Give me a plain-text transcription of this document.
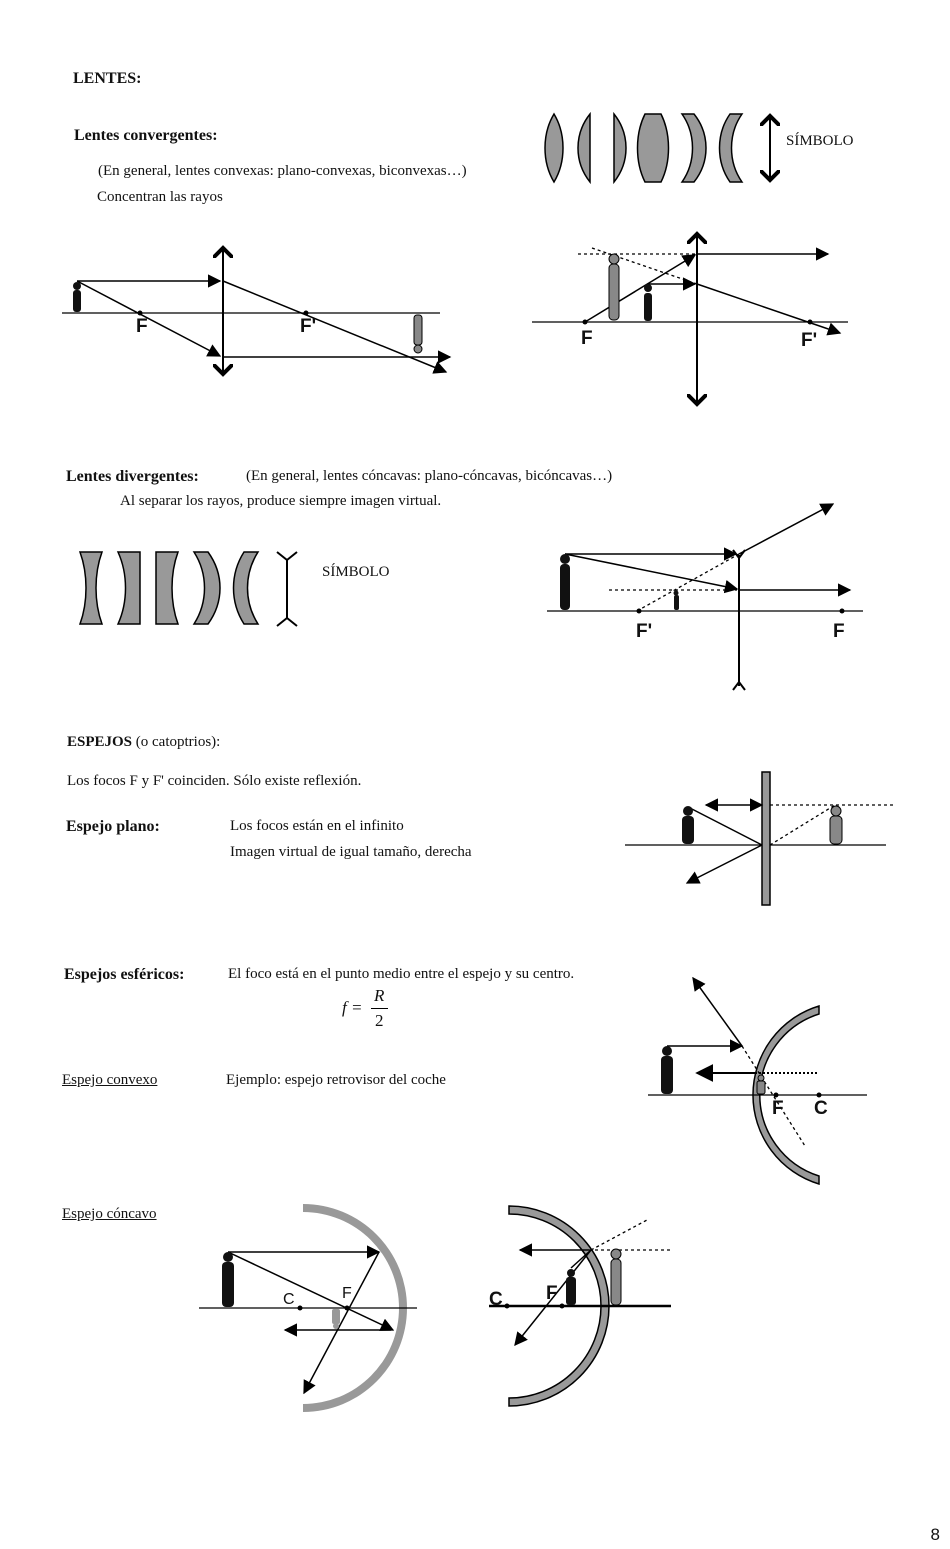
LENTES:
Lentes convergentes:
(En general, lentes convexas: plano-convexas, biconvexas…)
Concentran las rayos
SÍMBOLO
F	F'
F	F'
Lentes divergentes:	(En general, lentes cóncavas: plano-cóncavas, bicóncavas…)
Al separar los rayos, produce siempre imagen virtual.
SÍMBOLO
F'	F
ESPEJOS (o catoptrios):
Los focos F y F' coinciden. Sólo existe reflexión.
Espejo plano:	Los focos están en el infinito
Imagen virtual de igual tamaño, derecha
Espejos esféricos:	El foco está en el punto medio entre el espejo y su centro.
f =
R
2
Espejo convexo	Ejemplo: espejo retrovisor del coche
F C
Espejo cóncavo
C	F	C F
8
